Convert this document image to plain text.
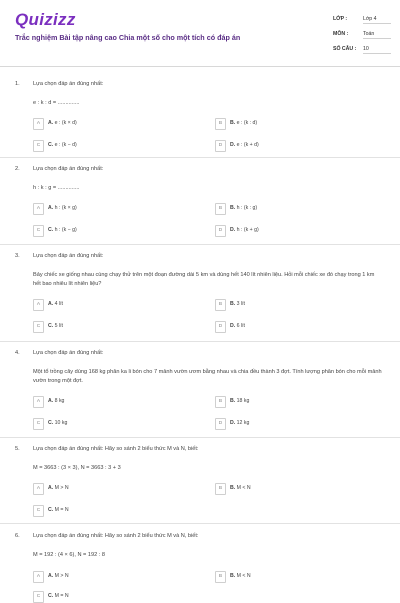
Quizizz
Trắc nghiệm Bài tập nâng cao Chia một số cho một tích có đáp án
LỚP :	Lớp 4
MÔN :	Toán
SỐ CÂU : 10
1. Lựa chọn đáp án đúng nhất:
e : k : d = ..............
A	A. e : (k × d)	B	B. e : (k : d)
C	C. e : (k − d)	D	D. e : (k + d)
2. Lựa chọn đáp án đúng nhất:
h : k : g = ..............
A	A. h : (k × g)	B	B. h : (k : g)
C	C. h : (k − g)	D	D. h : (k + g)
3. Lựa chọn đáp án đúng nhất:
Bảy chiếc xe giống nhau cùng chạy thử trên một đoạn đường dài 5 km và dùng hết 140 lít nhiên liệu. Hỏi mỗi chiếc xe đó chạy trong 1 km hết bao nhiêu lít nhiên liệu?
A	A. 4 lít	B	B. 3 lít
C	C. 5 lít	D	D. 6 lít
4. Lựa chọn đáp án đúng nhất:
Một tổ trồng cây dùng 168 kg phân ka li bón cho 7 mảnh vườn ươm bằng nhau và chia đều thành 3 đợt. Tính lượng phân bón cho mỗi mảnh vườn trong một đợt.
A	A. 8 kg	B	B. 18 kg
C	C. 10 kg	D	D. 12 kg
5. Lựa chọn đáp án đúng nhất: Hãy so sánh 2 biểu thức M và N, biết:
M = 3663 : (3 × 3), N = 3663 : 3 + 3
A	A. M > N	B	B. M < N
C	C. M = N
6. Lựa chọn đáp án đúng nhất: Hãy so sánh 2 biểu thức M và N, biết:
M = 192 : (4 × 6), N = 192 : 8
A	A. M > N	B	B. M < N
C	C. M = N
